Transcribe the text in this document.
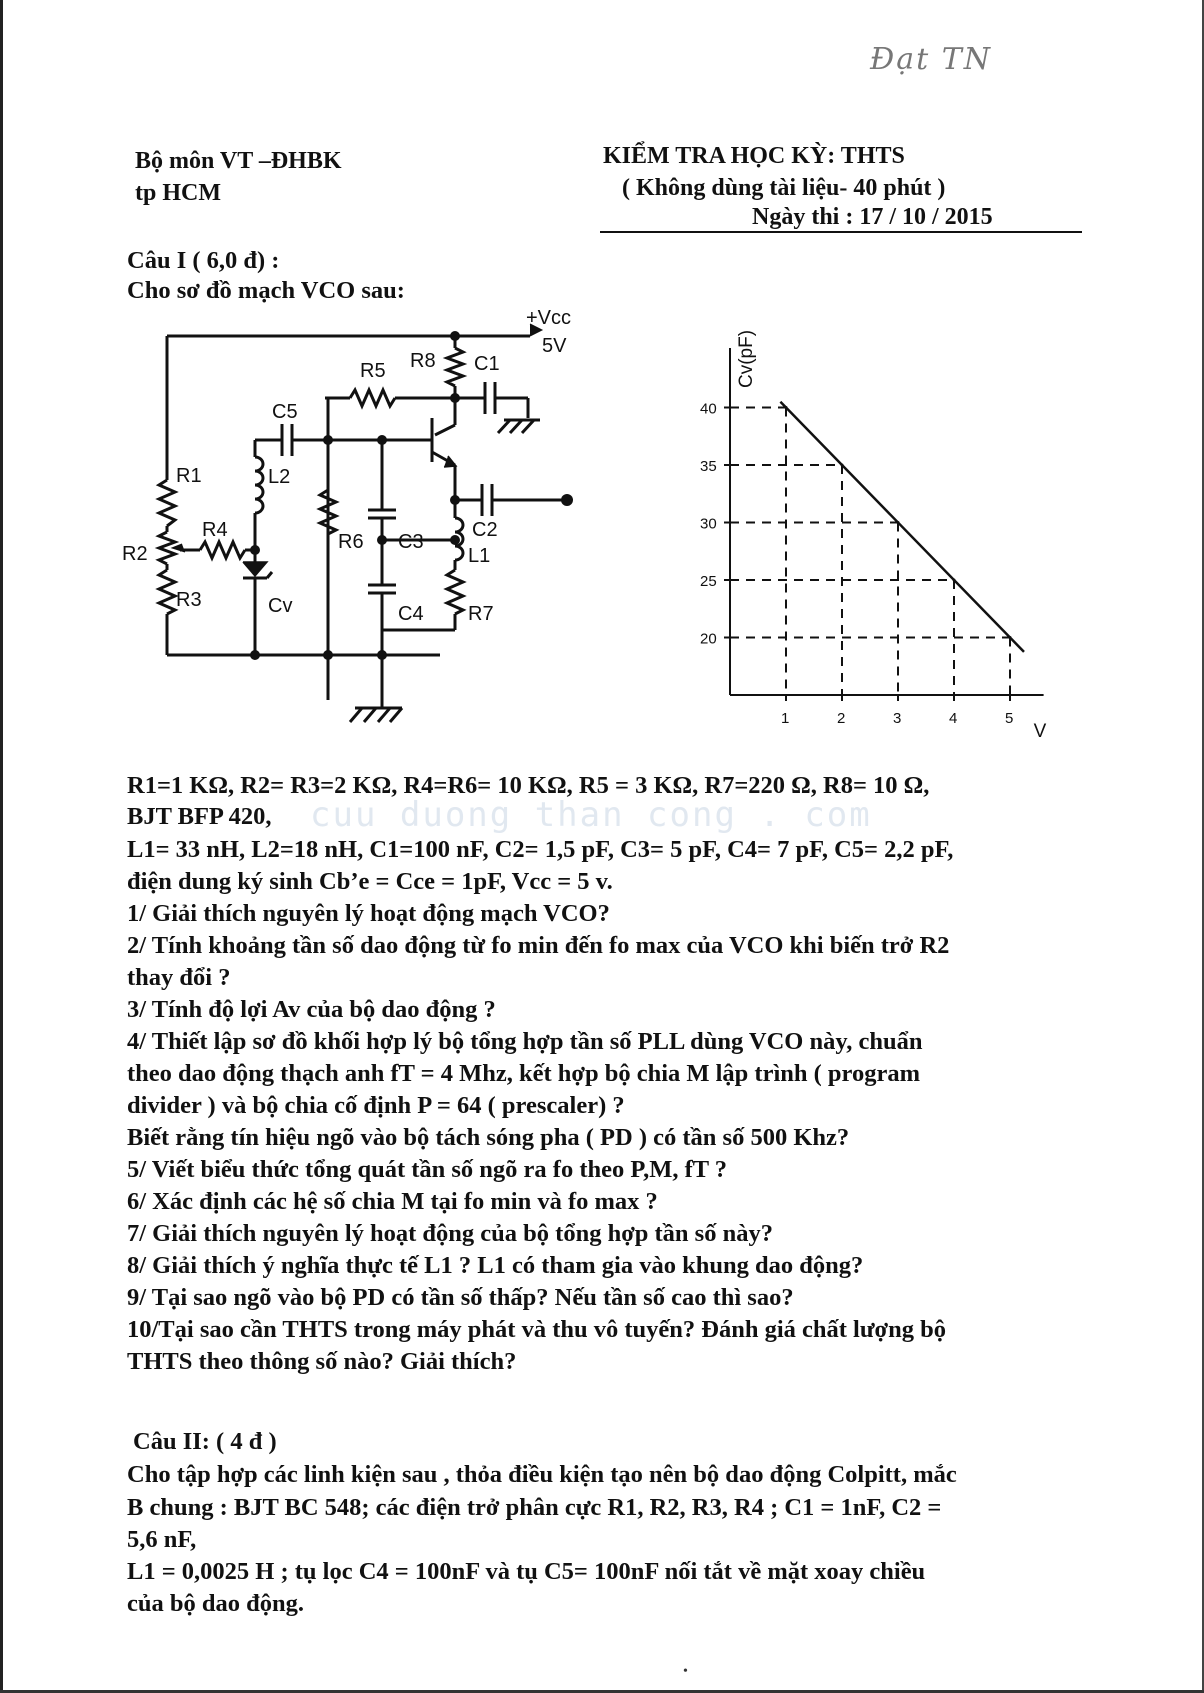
Đạt TN
Bộ môn VT –ĐHBK
tp HCM
KIỂM TRA HỌC KỲ: THTS
( Không dùng tài liệu- 40 phút )
Ngày thi : 17 / 10 / 2015
Câu I ( 6,0 đ) :
Cho sơ đồ mạch VCO sau:
+Vcc
5V
R8 C1
R5
C5
L2
R1
R2
R3
R4
Cv
R6 C3
C4
C2
L1
R7
Cv(pF)
V
20
25
30
35
40
1	2	3	4	5
R1=1 KΩ, R2= R3=2 KΩ, R4=R6= 10 KΩ, R5 = 3 KΩ, R7=220 Ω, R8= 10 Ω,
BJT BFP 420, cuu duong than cong . com
L1= 33 nH, L2=18 nH, C1=100 nF, C2= 1,5 pF, C3= 5 pF, C4= 7 pF, C5= 2,2 pF,
điện dung ký sinh Cb’e = Cce = 1pF, Vcc = 5 v.
1/ Giải thích nguyên lý hoạt động mạch VCO?
2/ Tính khoảng tần số dao động từ fo min đến fo max của VCO khi biến trở R2
thay đổi ?
3/ Tính độ lợi Av của bộ dao động ?
4/ Thiết lập sơ đồ khối hợp lý bộ tổng hợp tần số PLL dùng VCO này, chuẩn
theo dao động thạch anh fT = 4 Mhz, kết hợp bộ chia M lập trình ( program
divider ) và bộ chia cố định P = 64 ( prescaler) ?
Biết rằng tín hiệu ngõ vào bộ tách sóng pha ( PD ) có tần số 500 Khz?
5/ Viết biểu thức tổng quát tần số ngõ ra fo theo P,M, fT ?
6/ Xác định các hệ số chia M tại fo min và fo max ?
7/ Giải thích nguyên lý hoạt động của bộ tổng hợp tần số này?
8/ Giải thích ý nghĩa thực tế L1 ? L1 có tham gia vào khung dao động?
9/ Tại sao ngõ vào bộ PD có tần số thấp? Nếu tần số cao thì sao?
10/Tại sao cần THTS trong máy phát và thu vô tuyến? Đánh giá chất lượng bộ
THTS theo thông số nào? Giải thích?
Câu II: ( 4 đ )
Cho tập hợp các linh kiện sau , thỏa điều kiện tạo nên bộ dao động Colpitt, mắc
B chung : BJT BC 548; các điện trở phân cực R1, R2, R3, R4 ; C1 = 1nF, C2 =
5,6 nF,
L1 = 0,0025 H ; tụ lọc C4 = 100nF và tụ C5= 100nF nối tắt về mặt xoay chiều
của bộ dao động.
•
